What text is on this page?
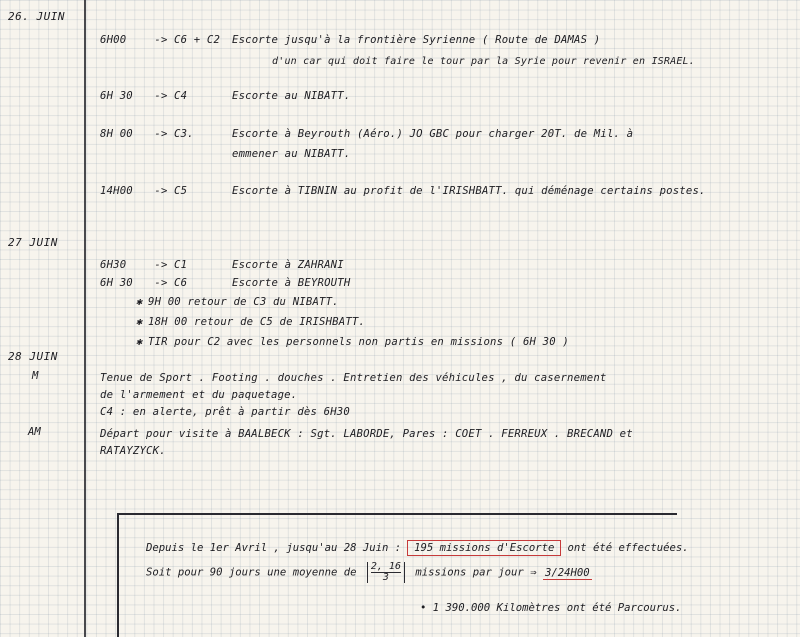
26. JUIN
6H00	-> C6 + C2 Escorte jusqu'à la frontière Syrienne ( Route de DAMAS )
d'un car qui doit faire le tour par la Syrie pour revenir en ISRAEL.
6H 30 -> C4	Escorte au NIBATT.
8H 00 -> C3.	Escorte à Beyrouth (Aéro.) JO GBC pour charger 20T. de Mil. à
emmener au NIBATT.
14H00 -> C5	Escorte à TIBNIN au profit de l'IRISHBATT. qui déménage certains postes.
27 JUIN
6H30	-> C1	Escorte à ZAHRANI
6H 30 -> C6	Escorte à BEYROUTH
✱ 9H 00 retour de C3 du NIBATT.
✱ 18H 00 retour de C5 de IRISHBATT.
✱ TIR pour C2 avec les personnels non partis en missions ( 6H 30 )
28 JUIN
M	Tenue de Sport . Footing . douches . Entretien des véhicules , du casernement
de l'armement et du paquetage.
C4 : en alerte, prêt à partir dès 6H30
AM	Départ pour visite à BAALBECK : Sgt. LABORDE, Pares : COET . FERREUX . BRECAND et
RATAYZYCK.
Depuis le 1er Avril , jusqu'au 28 Juin : 195 missions d'Escorte ont été effectuées.
Soit pour 90 jours une moyenne de $\frac{2, 16}{3}$ missions par jour ⇒ 3/24H00
• 1 390.000 Kilomètres ont été Parcourus.
